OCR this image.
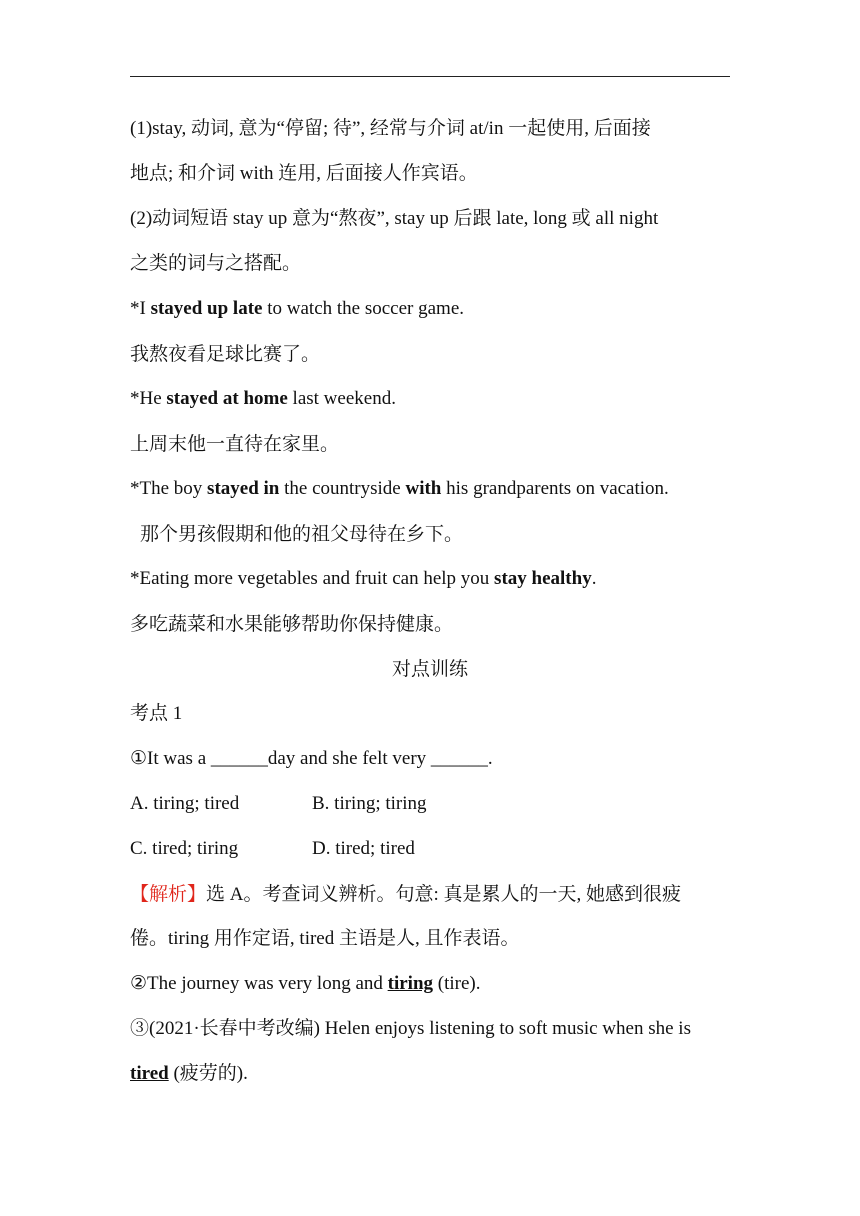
(1)stay, 动词, 意为“停留; 待”, 经常与介词 at/in 一起使用, 后面接
地点; 和介词 with 连用, 后面接人作宾语。
(2)动词短语 stay up 意为“熬夜”, stay up 后跟 late, long 或 all night
之类的词与之搭配。
*I stayed up late to watch the soccer game.
我熬夜看足球比赛了。
*He stayed at home last weekend.
上周末他一直待在家里。
*The boy stayed in the countryside with his grandparents on vacation.
那个男孩假期和他的祖父母待在乡下。
*Eating more vegetables and fruit can help you stay healthy.
多吃蔬菜和水果能够帮助你保持健康。
对点训练
考点 1
①It was a ______day and she felt very ______.
A. tiring; tired	B. tiring; tiring
C. tired; tiring	D. tired; tired
【解析】选 A。考查词义辨析。句意: 真是累人的一天, 她感到很疲
倦。tiring 用作定语, tired 主语是人, 且作表语。
②The journey was very long and tiring (tire).
③(2021·长春中考改编) Helen enjoys listening to soft music when she is
tired (疲劳的).
